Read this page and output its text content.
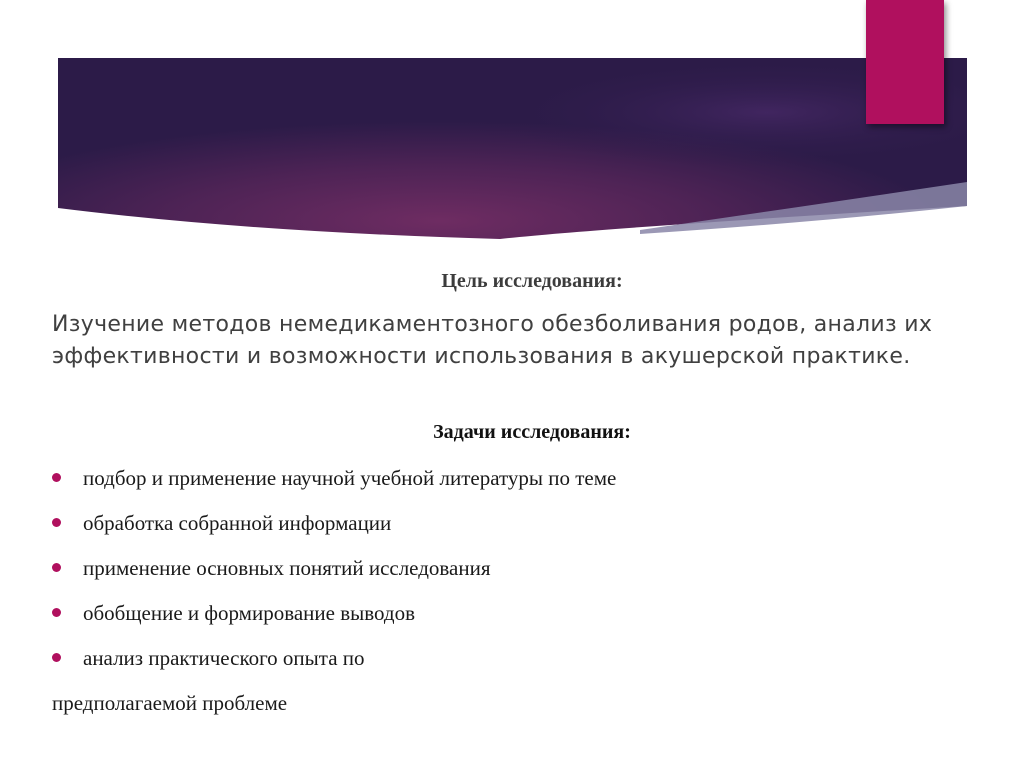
Цель исследования:

Изучение методов немедикаментозного обезболивания родов, анализ их эффективности и возможности использования в акушерской практике.

Задачи исследования:
подбор и применение научной учебной литературы по теме
обработка собранной информации
применение основных понятий исследования
обобщение и формирование выводов
анализ практического опыта по

предполагаемой проблеме
